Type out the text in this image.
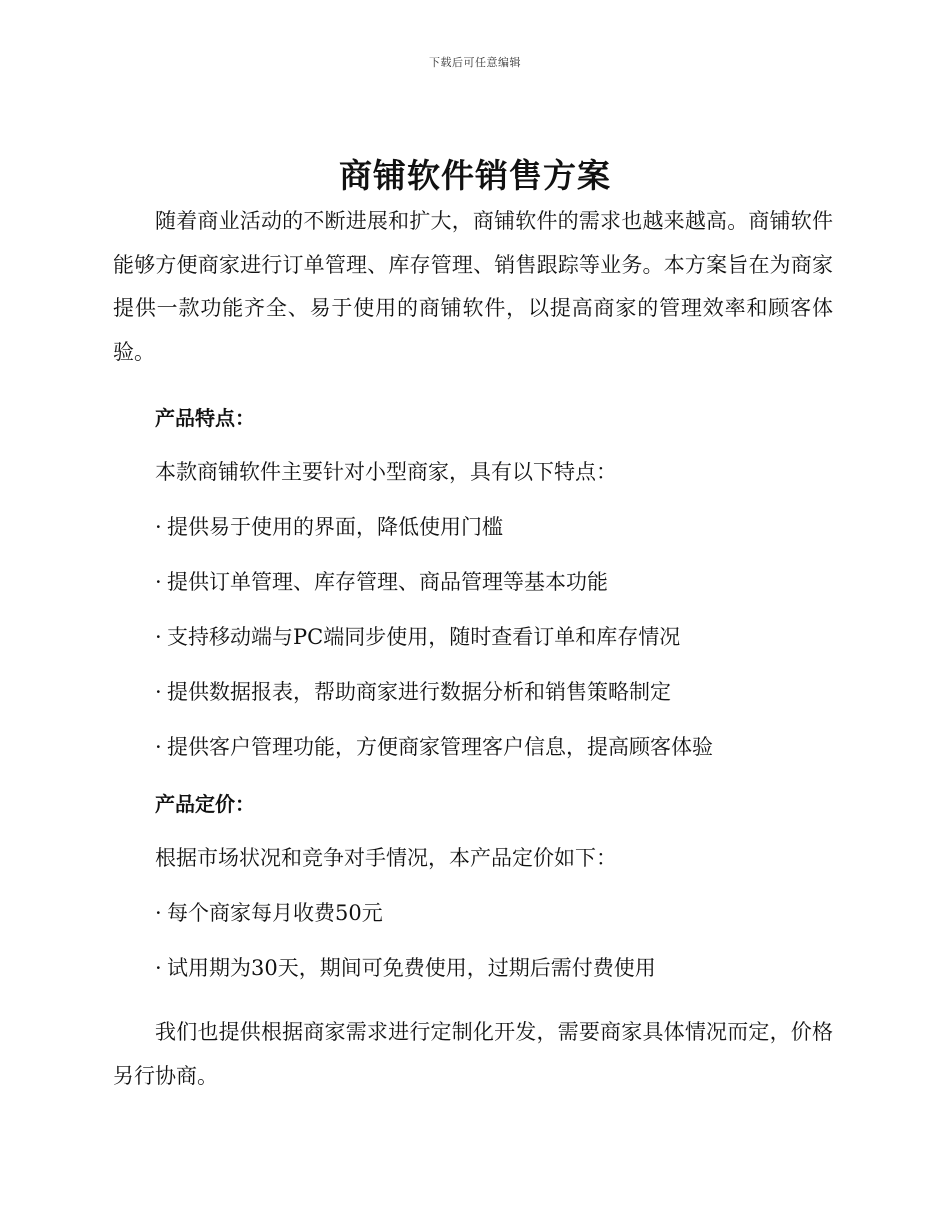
下载后可任意编辑
商铺软件销售方案

随着商业活动的不断进展和扩大，商铺软件的需求也越来越高。商铺软件能够方便商家进行订单管理、库存管理、销售跟踪等业务。本方案旨在为商家提供一款功能齐全、易于使用的商铺软件，以提高商家的管理效率和顾客体验。

产品特点：
本款商铺软件主要针对小型商家，具有以下特点：
· 提供易于使用的界面，降低使用门槛
· 提供订单管理、库存管理、商品管理等基本功能
· 支持移动端与PC端同步使用，随时查看订单和库存情况
· 提供数据报表，帮助商家进行数据分析和销售策略制定
· 提供客户管理功能，方便商家管理客户信息，提高顾客体验
产品定价：
根据市场状况和竞争对手情况，本产品定价如下：
· 每个商家每月收费50元
· 试用期为30天，期间可免费使用，过期后需付费使用

我们也提供根据商家需求进行定制化开发，需要商家具体情况而定，价格另行协商。
